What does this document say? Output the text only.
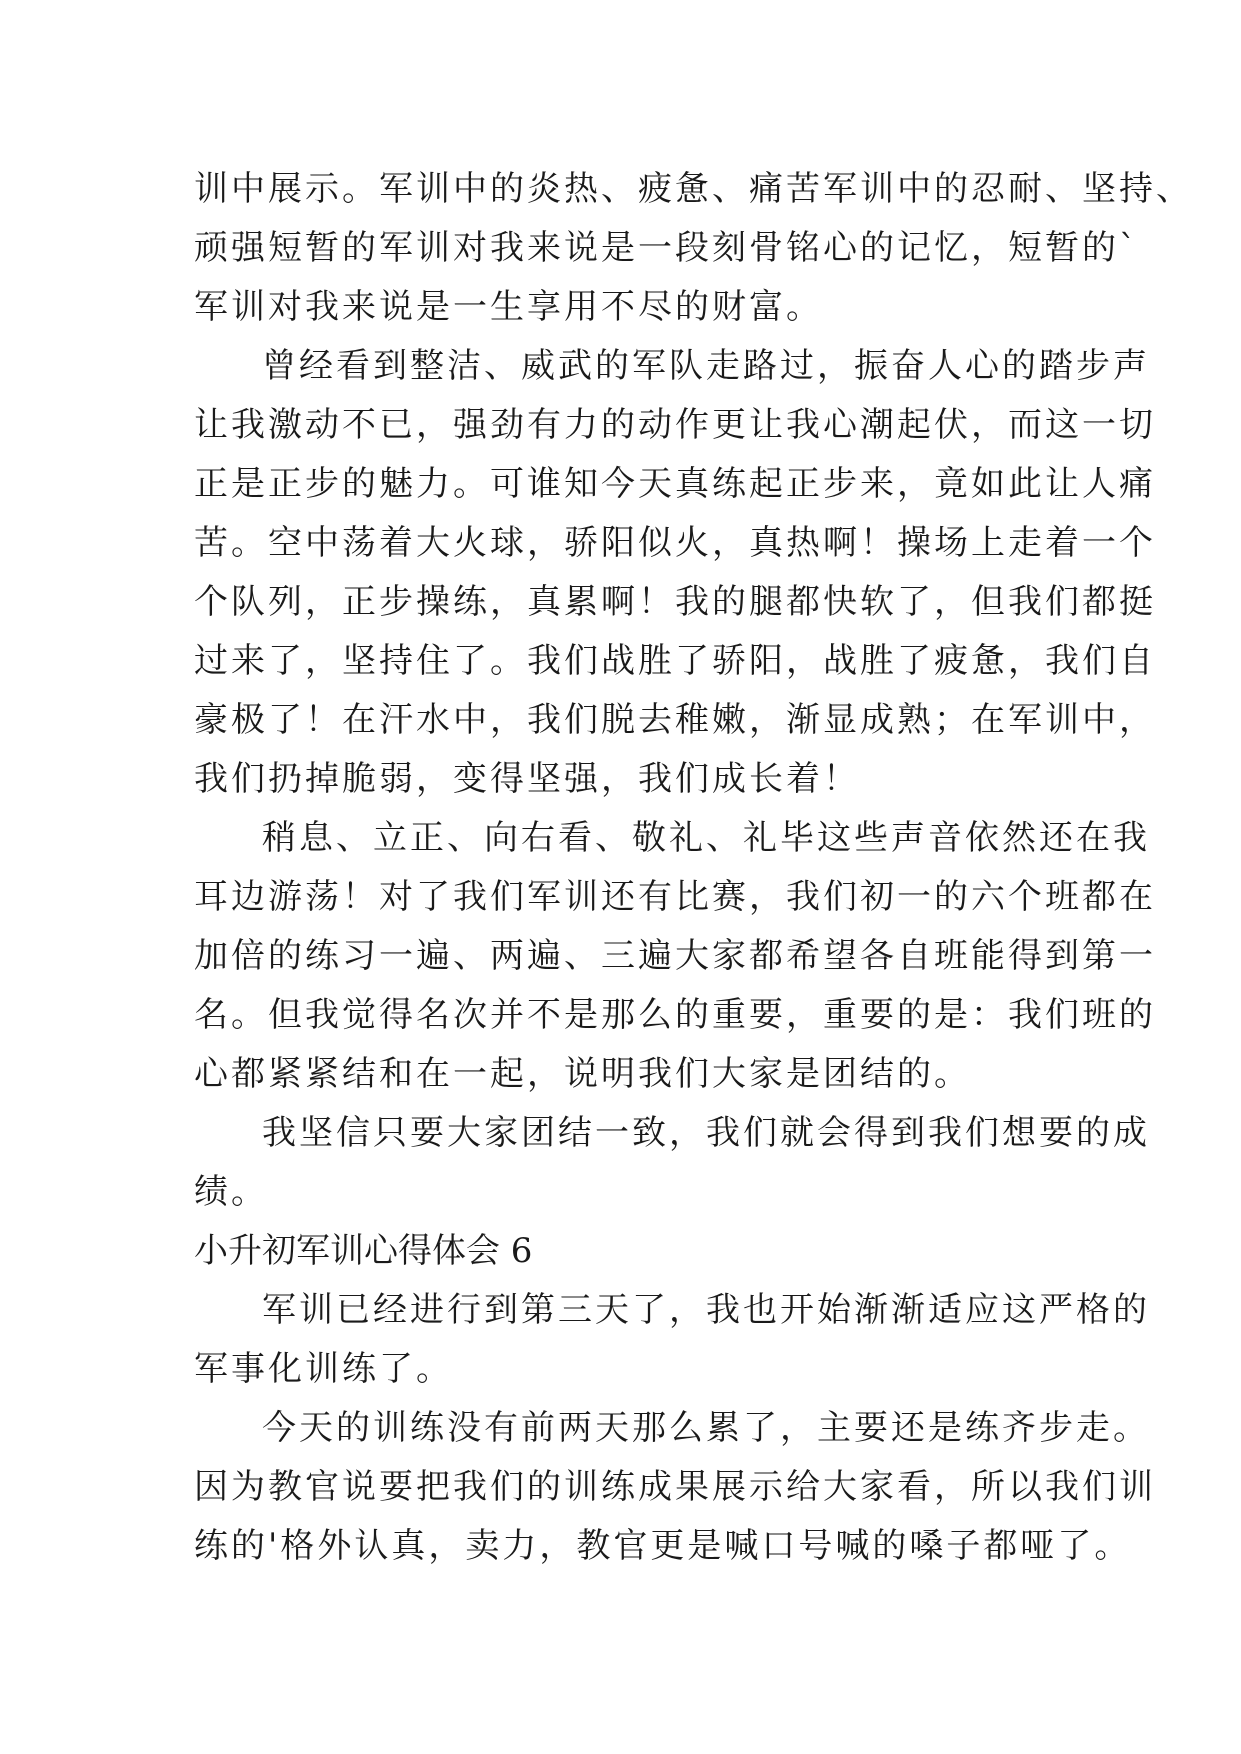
训中展示。军训中的炎热、疲惫、痛苦军训中的忍耐、坚持、
顽强短暂的军训对我来说是一段刻骨铭心的记忆，短暂的`
军训对我来说是一生享用不尽的财富。
曾经看到整洁、威武的军队走路过，振奋人心的踏步声
让我激动不已，强劲有力的动作更让我心潮起伏，而这一切
正是正步的魅力。可谁知今天真练起正步来，竟如此让人痛
苦。空中荡着大火球，骄阳似火，真热啊！操场上走着一个
个队列，正步操练，真累啊！我的腿都快软了，但我们都挺
过来了，坚持住了。我们战胜了骄阳，战胜了疲惫，我们自
豪极了！在汗水中，我们脱去稚嫩，渐显成熟；在军训中，
我们扔掉脆弱，变得坚强，我们成长着！
稍息、立正、向右看、敬礼、礼毕这些声音依然还在我
耳边游荡！对了我们军训还有比赛，我们初一的六个班都在
加倍的练习一遍、两遍、三遍大家都希望各自班能得到第一
名。但我觉得名次并不是那么的重要，重要的是：我们班的
心都紧紧结和在一起，说明我们大家是团结的。
我坚信只要大家团结一致，我们就会得到我们想要的成
绩。
小升初军训心得体会 6
军训已经进行到第三天了，我也开始渐渐适应这严格的
军事化训练了。
今天的训练没有前两天那么累了，主要还是练齐步走。
因为教官说要把我们的训练成果展示给大家看，所以我们训
练的'格外认真，卖力，教官更是喊口号喊的嗓子都哑了。
